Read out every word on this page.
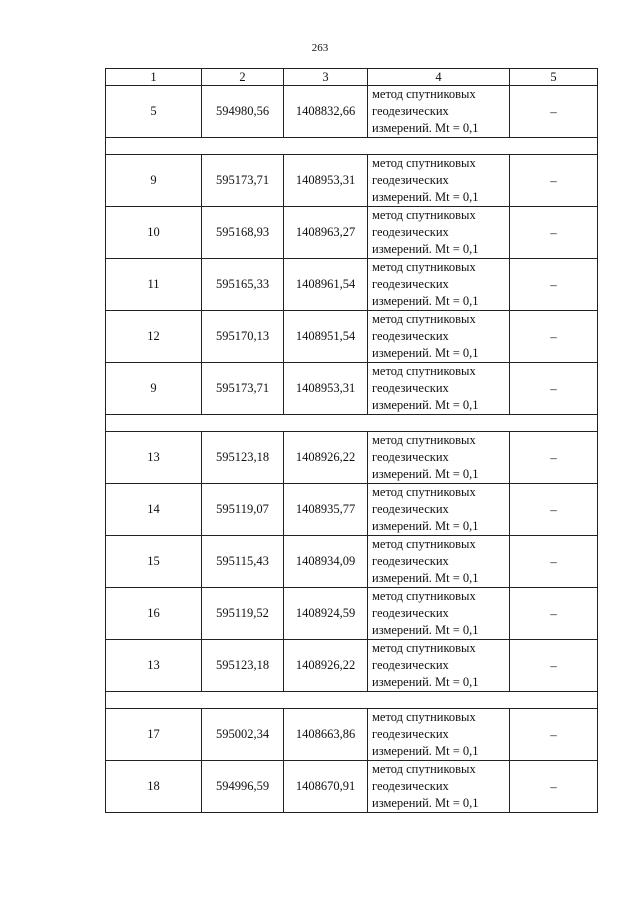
263
1	2	3	4	5
5	594980,56	1408832,66	метод спутниковых
геодезических
измерений. Mt = 0,1	–

9	595173,71	1408953,31	метод спутниковых
геодезических
измерений. Mt = 0,1	–
10	595168,93	1408963,27	метод спутниковых
геодезических
измерений. Mt = 0,1	–
11	595165,33	1408961,54	метод спутниковых
геодезических
измерений. Mt = 0,1	–
12	595170,13	1408951,54	метод спутниковых
геодезических
измерений. Mt = 0,1	–
9	595173,71	1408953,31	метод спутниковых
геодезических
измерений. Mt = 0,1	–

13	595123,18	1408926,22	метод спутниковых
геодезических
измерений. Mt = 0,1	–
14	595119,07	1408935,77	метод спутниковых
геодезических
измерений. Mt = 0,1	–
15	595115,43	1408934,09	метод спутниковых
геодезических
измерений. Mt = 0,1	–
16	595119,52	1408924,59	метод спутниковых
геодезических
измерений. Mt = 0,1	–
13	595123,18	1408926,22	метод спутниковых
геодезических
измерений. Mt = 0,1	–

17	595002,34	1408663,86	метод спутниковых
геодезических
измерений. Mt = 0,1	–
18	594996,59	1408670,91	метод спутниковых
геодезических
измерений. Mt = 0,1	–
